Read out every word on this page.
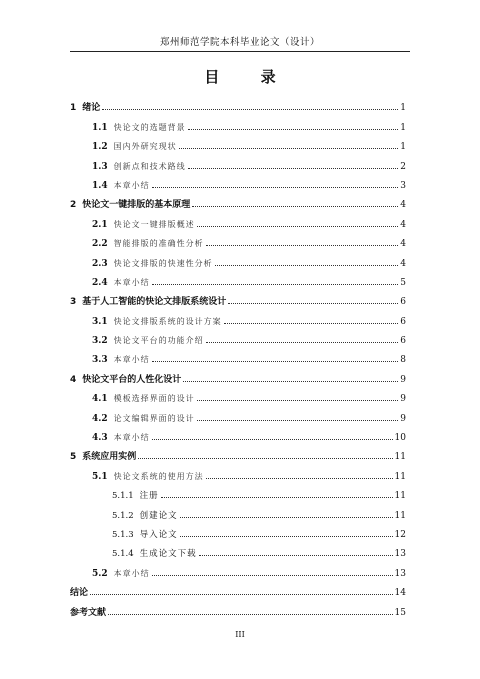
郑州师范学院本科毕业论文（设计）
目 录
1 绪论	1
1.1 快论文的选题背景	1
1.2 国内外研究现状	1
1.3 创新点和技术路线	2
1.4 本章小结	3
2 快论文一键排版的基本原理	4
2.1 快论文一键排版概述	4
2.2 智能排版的准确性分析	4
2.3 快论文排版的快速性分析	4
2.4 本章小结	5
3 基于人工智能的快论文排版系统设计	6
3.1 快论文排版系统的设计方案	6
3.2 快论文平台的功能介绍	6
3.3 本章小结	8
4 快论文平台的人性化设计	9
4.1 模板选择界面的设计	9
4.2 论文编辑界面的设计	9
4.3 本章小结	10
5 系统应用实例	11
5.1 快论文系统的使用方法	11
5.1.1 注册	11
5.1.2 创建论文	11
5.1.3 导入论文	12
5.1.4 生成论文下载	13
5.2 本章小结	13
结论	14
参考文献	15
III
